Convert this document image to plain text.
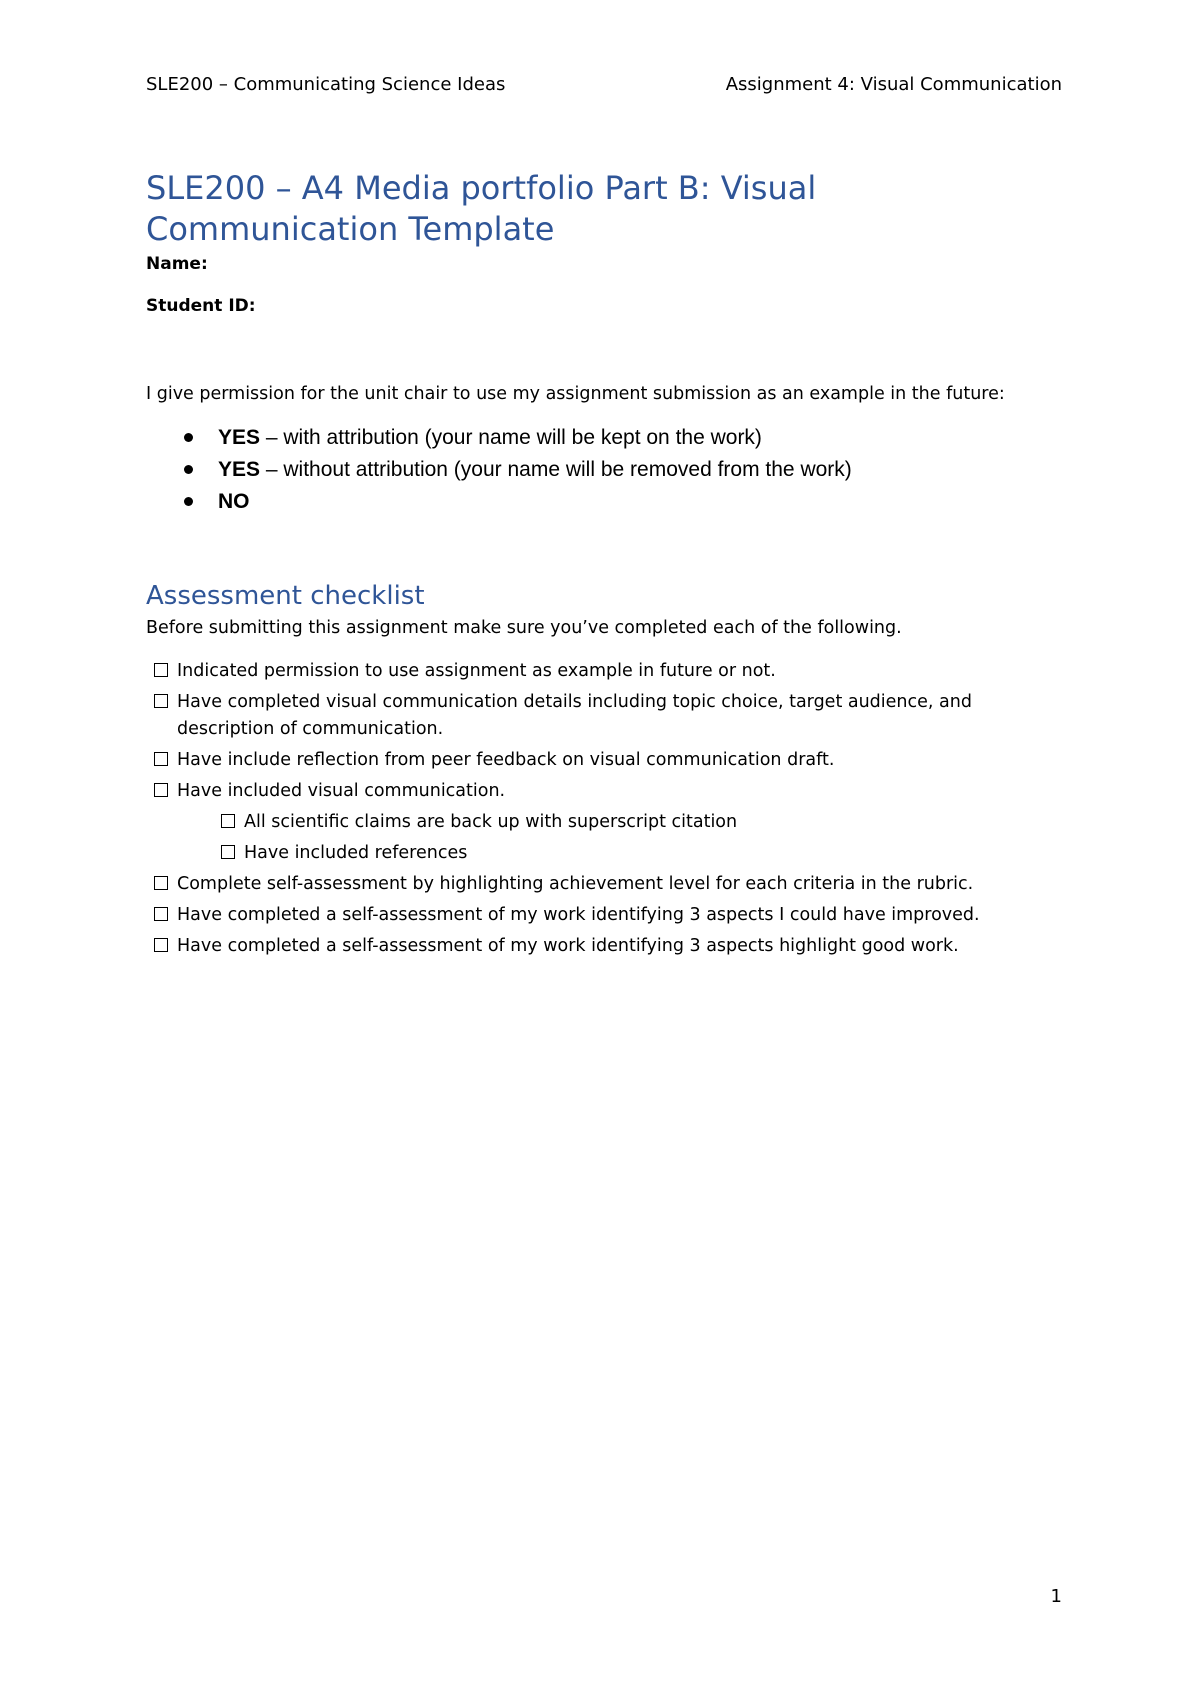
SLE200 – Communicating Science Ideas	Assignment 4: Visual Communication
SLE200 – A4 Media portfolio Part B: Visual
Communication Template

Name:

Student ID:

I give permission for the unit chair to use my assignment submission as an example in the future:

YES – with attribution (your name will be kept on the work)
YES – without attribution (your name will be removed from the work)
NO
Assessment checklist

Before submitting this assignment make sure you’ve completed each of the following.

Indicated permission to use assignment as example in future or not.
Have completed visual communication details including topic choice, target audience, and description of communication.
Have include reflection from peer feedback on visual communication draft.
Have included visual communication.
All scientific claims are back up with superscript citation
Have included references
Complete self-assessment by highlighting achievement level for each criteria in the rubric.
Have completed a self-assessment of my work identifying 3 aspects I could have improved.
Have completed a self-assessment of my work identifying 3 aspects highlight good work.
1
